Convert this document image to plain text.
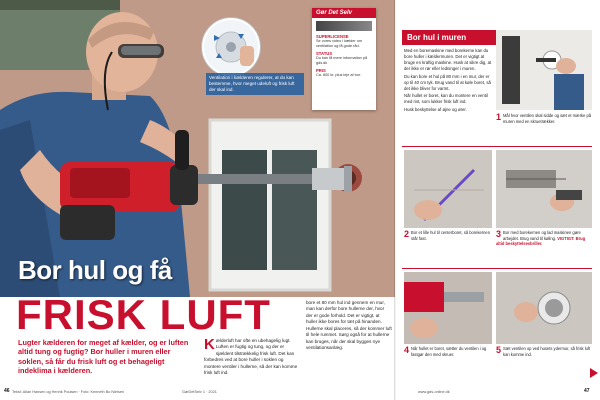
Ventilation i kælderen regulerer, at du kan bestemme, hvor meget udeluft og frisk luft der skal ind.
Gør Det Selv
SUPERLICENSE
Se vores video i kælder om ventilation og få gode råd.
STATUS
Du kan få mere information på gds.dk
PRIS
Ca. 800 kr. plus leje af bor.
Bor hul og få
FRISK LUFT

Lugter kælderen for meget af kælder, og er luften altid tung og fugtig? Bor huller i muren eller soklen, så får du frisk luft og et behageligt indeklima i kælderen.

Kælderluft har ofte en ubehagelig lugt. Luften er fugtig og tung, og der er sjældent tilstrækkelig frisk luft. Det kan forbedres ved at bore huller i soklen og montere ventiler i hullerne, så der kan komme frisk luft ind.

bore et 80 mm hul ind gennem en mur, man kan derfor bore hullerne der, hvor der er gode forhold. Det er vigtigt, at huller ikke bores for tæt på hinanden. Hullerne skal placeres, så der kommer luft til hele rummet. Sørg også for at hullerne kan bruges, når der skal bygges nye ventilationsanlæg.

46 Tekst: Allan Hansen og Henrik Poulsen · Foto: Kenneth Bo Nielsen	GørDetSelv 1 · 2021
Bor hul i muren

Med en boremaskine med borekerne kan du bore huller i kældermuren. Det er vigtigt at bruge en kraftig maskine. Husk at sikre dig, at der ikke er rør eller ledninger i muren.

Du kan bore et hul på 80 mm i en mur, der er op til 40 cm tyk. Brug vand til at køle boret, så det ikke bliver for varmt.

Når hullet er boret, kan du montere en ventil med rist, som lukker frisk luft ind.

Husk beskyttelse af øjne og ører.

1 Mål hvor ventilen skal sidde og sæt et mærke på muren med en skruetrækker.

2 Bor et lille hul til centerboret, så borekernen står fast.	3 Bor med borekernen og lad maskinen gøre arbejdet. Brug vand til køling. VIGTIGT: Brug altid beskyttelsesbriller.

4 Når hullet er boret, sætter du ventilen i og fastgør den med skruer.	5 Sæt ventilen op ved husets ydermur, så frisk luft kan komme ind.

www.gds-online.dk	47
